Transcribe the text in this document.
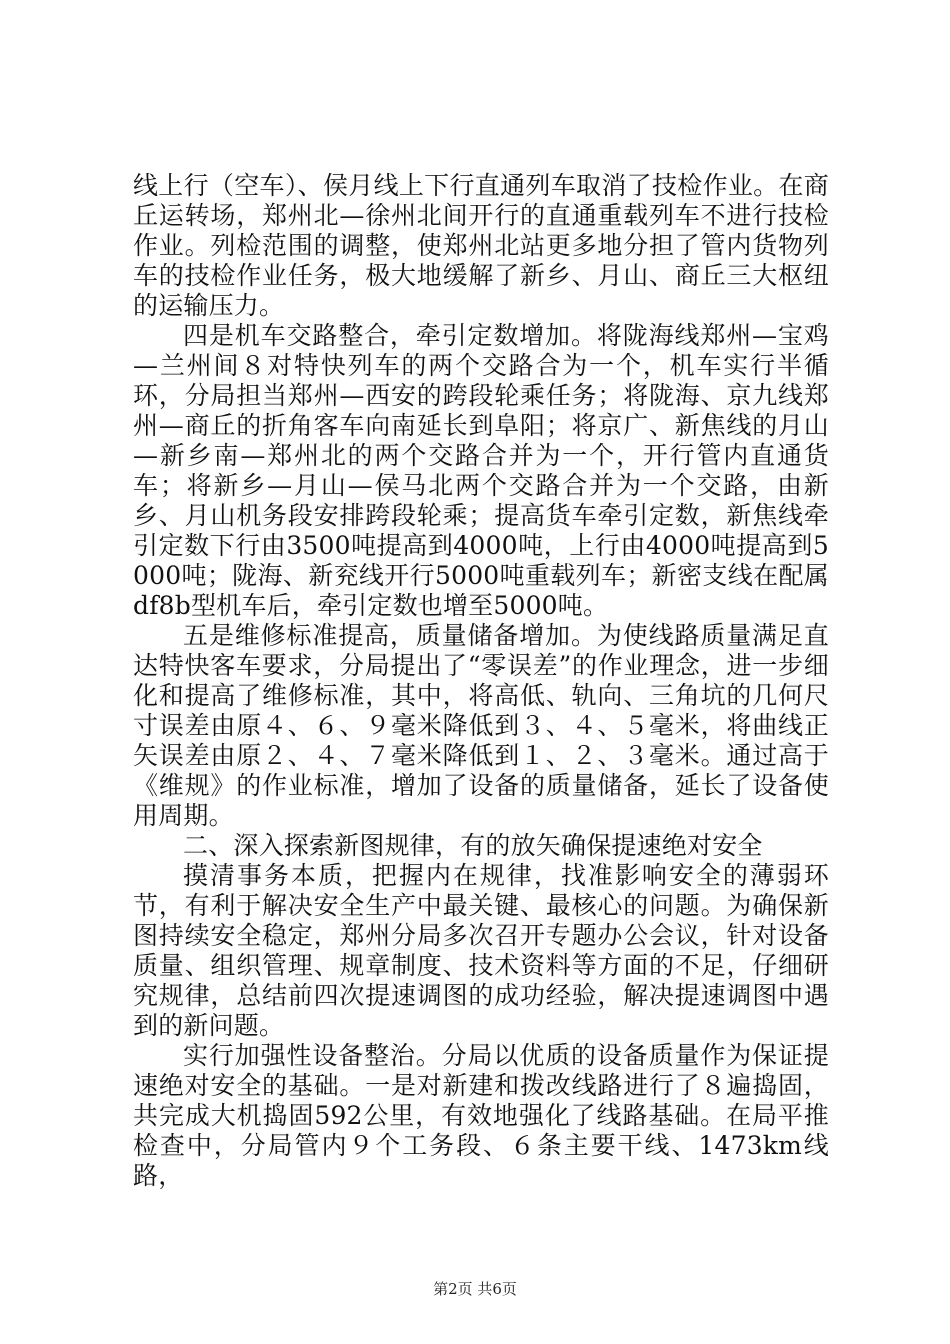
线上行（空车）、侯月线上下行直通列车取消了技检作业。在商丘运转场，郑州北—徐州北间开行的直通重载列车不进行技检作业。列检范围的调整，使郑州北站更多地分担了管内货物列车的技检作业任务，极大地缓解了新乡、月山、商丘三大枢纽的运输压力。

四是机车交路整合，牵引定数增加。将陇海线郑州—宝鸡—兰州间８对特快列车的两个交路合为一个，机车实行半循环，分局担当郑州—西安的跨段轮乘任务；将陇海、京九线郑州—商丘的折角客车向南延长到阜阳；将京广、新焦线的月山—新乡南—郑州北的两个交路合并为一个，开行管内直通货车；将新乡—月山—侯马北两个交路合并为一个交路，由新乡、月山机务段安排跨段轮乘；提高货车牵引定数，新焦线牵引定数下行由3500吨提高到4000吨，上行由4000吨提高到5000吨；陇海、新兖线开行5000吨重载列车；新密支线在配属df8b型机车后，牵引定数也增至5000吨。

五是维修标准提高，质量储备增加。为使线路质量满足直达特快客车要求，分局提出了“零误差”的作业理念，进一步细化和提高了维修标准，其中，将高低、轨向、三角坑的几何尺寸误差由原４、６、９毫米降低到３、４、５毫米，将曲线正矢误差由原２、４、７毫米降低到１、２、３毫米。通过高于《维规》的作业标准，增加了设备的质量储备，延长了设备使用周期。

二、深入探索新图规律，有的放矢确保提速绝对安全

摸清事务本质，把握内在规律，找准影响安全的薄弱环节，有利于解决安全生产中最关键、最核心的问题。为确保新图持续安全稳定，郑州分局多次召开专题办公会议，针对设备质量、组织管理、规章制度、技术资料等方面的不足，仔细研究规律，总结前四次提速调图的成功经验，解决提速调图中遇到的新问题。

实行加强性设备整治。分局以优质的设备质量作为保证提速绝对安全的基础。一是对新建和拨改线路进行了８遍捣固，共完成大机捣固592公里，有效地强化了线路基础。在局平推检查中，分局管内９个工务段、６条主要干线、1473km线路，

第2页 共6页
